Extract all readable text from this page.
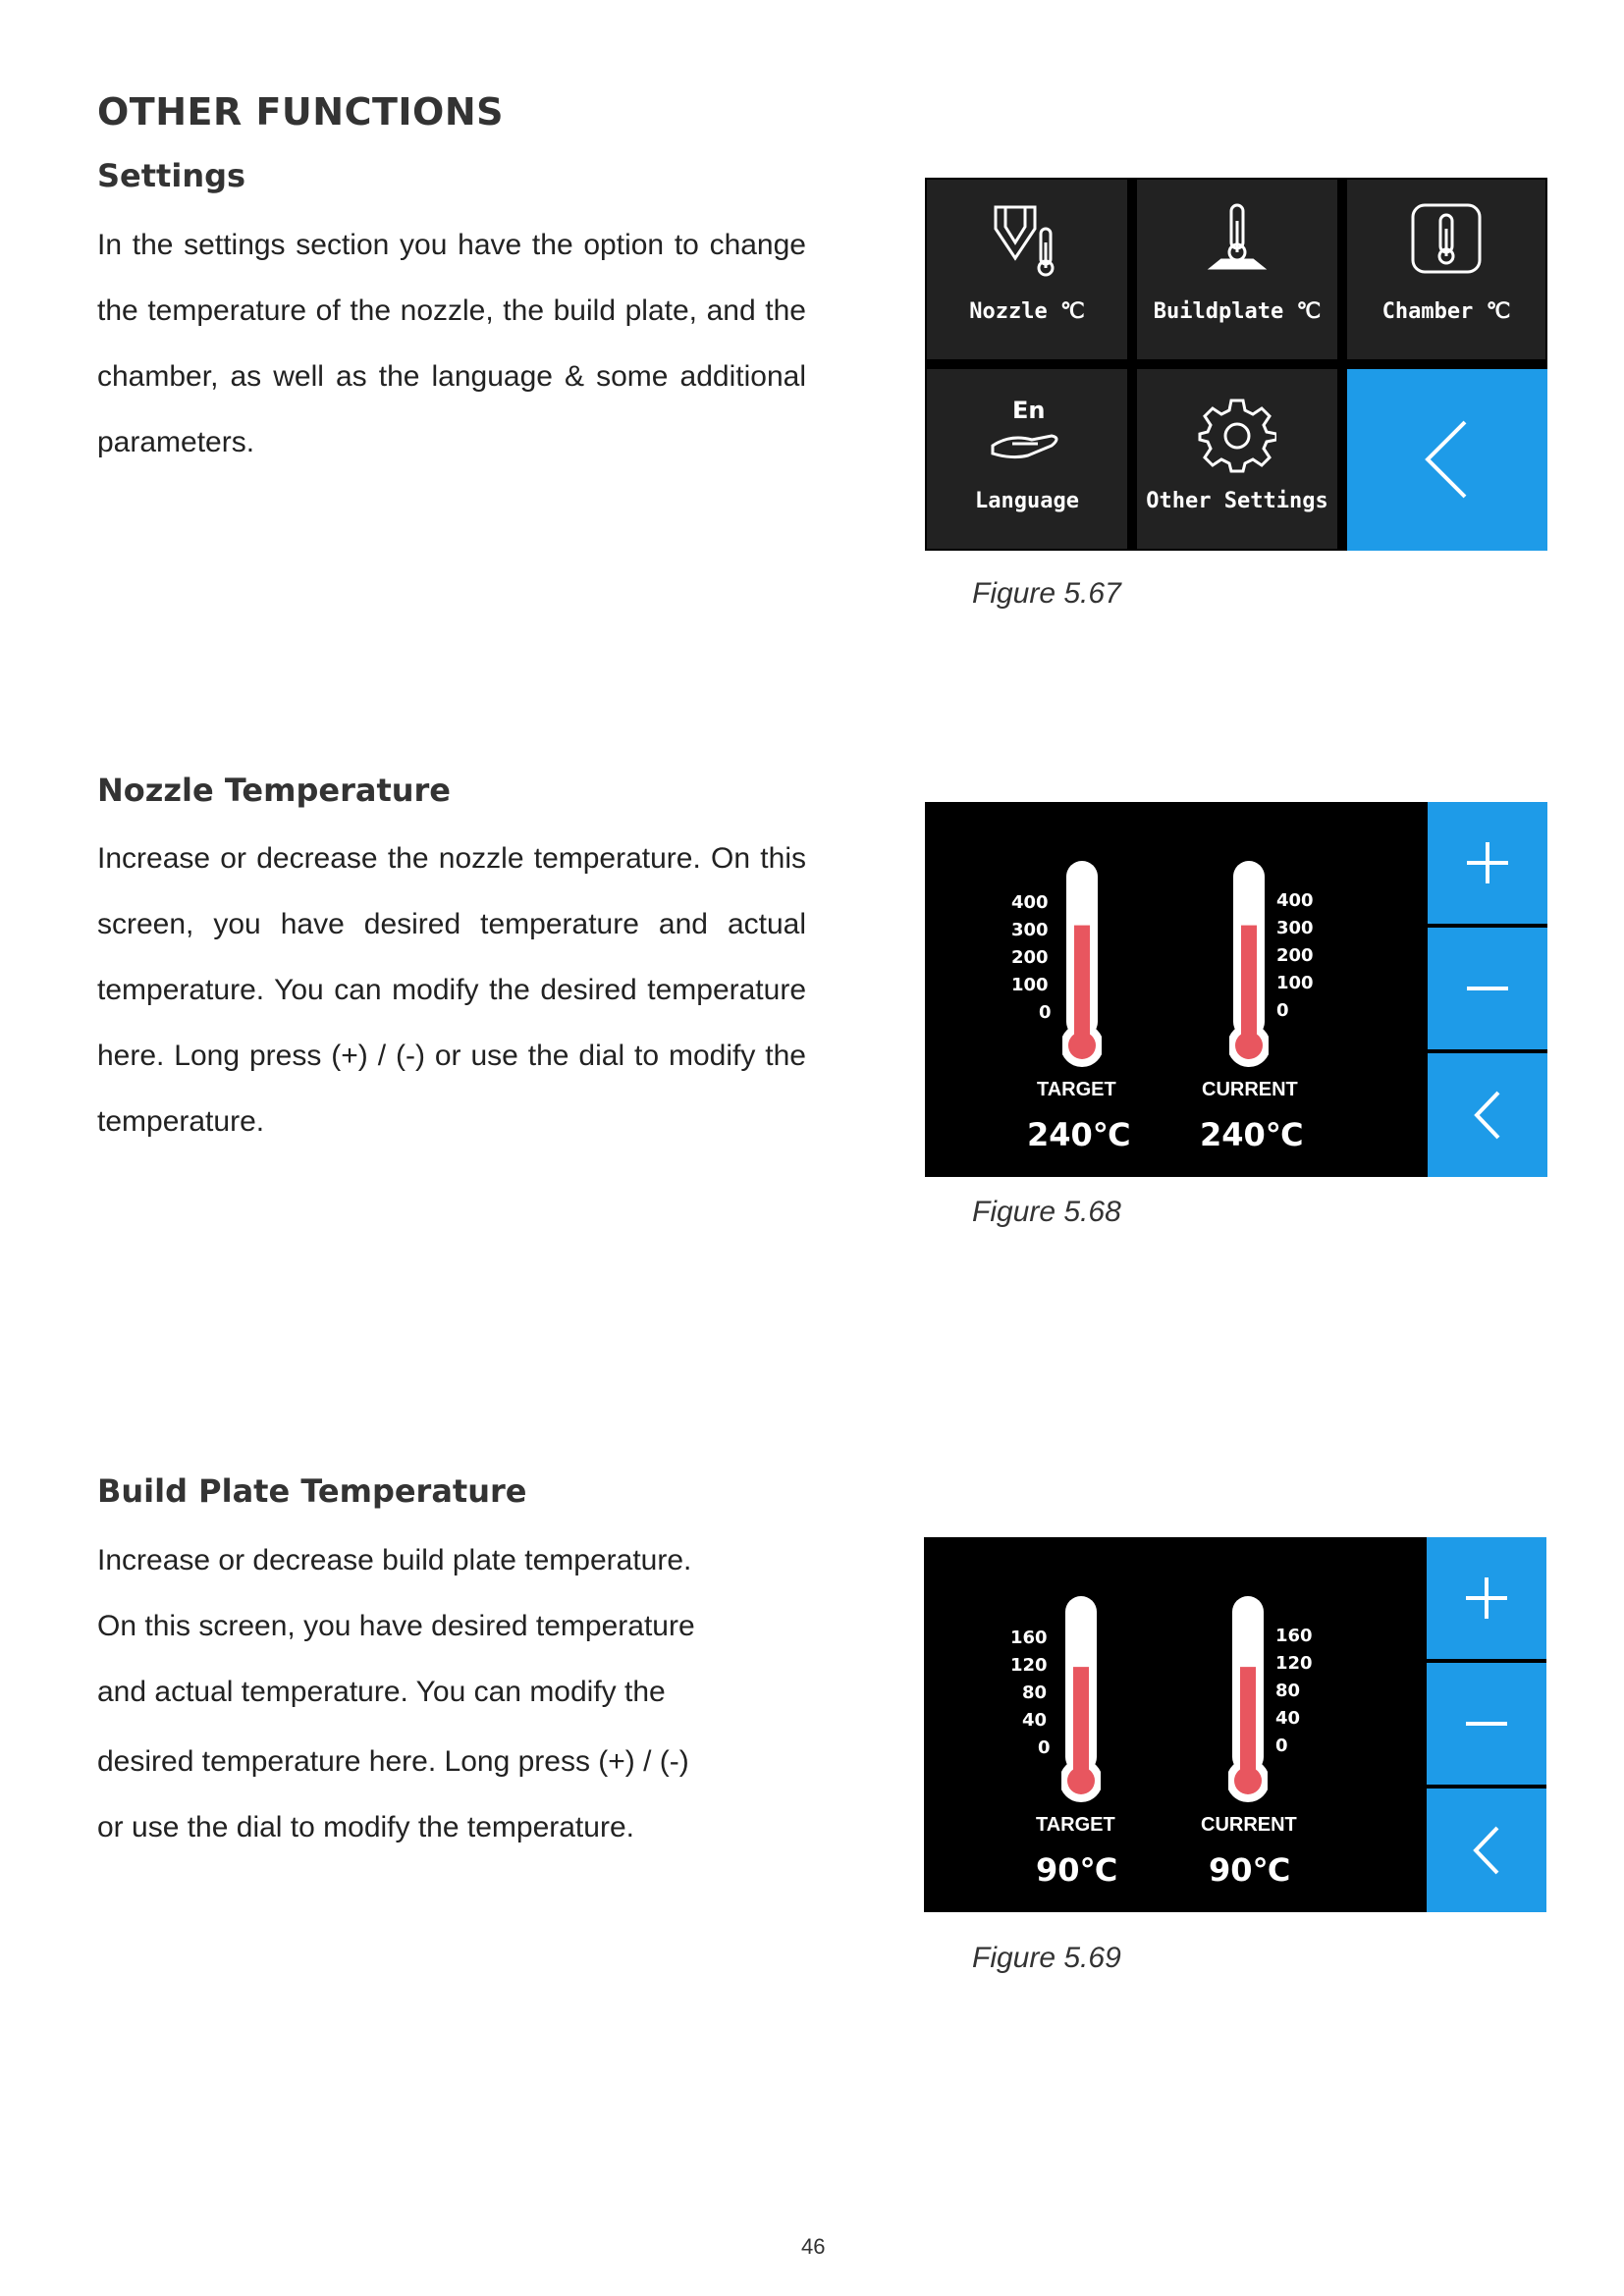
OTHER FUNCTIONS
Settings
In the settings section you have the option to change the temperature of the nozzle, the build plate, and the chamber, as well as the language & some additional parameters.
Nozzle ℃	Buildplate ℃	Chamber ℃
En
Language	Other Settings
Figure 5.67
Nozzle Temperature
Increase or decrease the nozzle temperature. On this screen, you have desired temperature and actual temperature. You can modify the desired temperature here. Long press (+) / (-) or use the dial to modify the temperature.
400
300
200
100
0
400
300
200
100
0
TARGET	CURRENT
240℃ 240℃
Figure 5.68
Build Plate Temperature
Increase or decrease build plate temperature.
On this screen, you have desired temperature
and actual temperature. You can modify the
desired temperature here. Long press (+) / (-)
or use the dial to modify the temperature.
160
120
80
40
0
160
120
80
40
0
TARGET	CURRENT
90℃	90℃
Figure 5.69
46
